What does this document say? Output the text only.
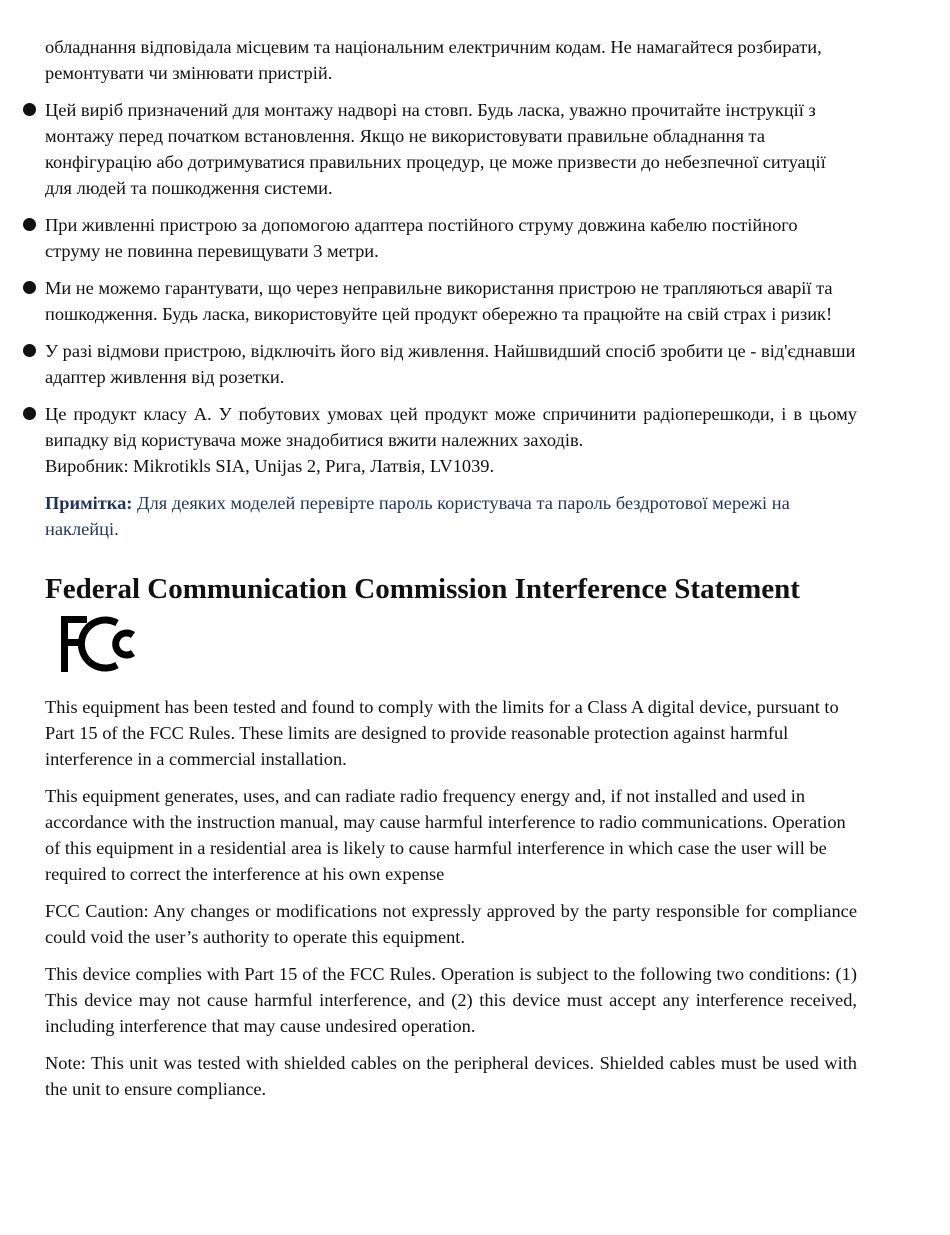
обладнання відповідала місцевим та національним електричним кодам. Не намагайтеся розбирати, ремонтувати чи змінювати пристрій.

Цей виріб призначений для монтажу надворі на стовп. Будь ласка, уважно прочитайте інструкції з монтажу перед початком встановлення. Якщо не використовувати правильне обладнання та конфігурацію або дотримуватися правильних процедур, це може призвести до небезпечної ситуації для людей та пошкодження системи.
При живленні пристрою за допомогою адаптера постійного струму довжина кабелю постійного струму не повинна перевищувати 3 метри.
Ми не можемо гарантувати, що через неправильне використання пристрою не трапляються аварії та пошкодження. Будь ласка, використовуйте цей продукт обережно та працюйте на свій страх і ризик!
У разі відмови пристрою, відключіть його від живлення. Найшвидший спосіб зробити це - від'єднавши адаптер живлення від розетки.
Це продукт класу A. У побутових умовах цей продукт може спричинити радіоперешкоди, і в цьому випадку від користувача може знадобитися вжити належних заходів.

Виробник: Mikrotikls SIA, Unijas 2, Рига, Латвія, LV1039.

Примітка: Для деяких моделей перевірте пароль користувача та пароль бездротової мережі на наклейці.

Federal Communication Commission Interference Statement

This equipment has been tested and found to comply with the limits for a Class A digital device, pursuant to Part 15 of the FCC Rules. These limits are designed to provide reasonable protection against harmful interference in a commercial installation.

This equipment generates, uses, and can radiate radio frequency energy and, if not installed and used in accordance with the instruction manual, may cause harmful interference to radio communications. Operation of this equipment in a residential area is likely to cause harmful interference in which case the user will be required to correct the interference at his own expense

FCC Caution: Any changes or modifications not expressly approved by the party responsible for compliance could void the user’s authority to operate this equipment.

This device complies with Part 15 of the FCC Rules. Operation is subject to the following two conditions: (1) This device may not cause harmful interference, and (2) this device must accept any interference received, including interference that may cause undesired operation.

Note: This unit was tested with shielded cables on the peripheral devices. Shielded cables must be used with the unit to ensure compliance.
